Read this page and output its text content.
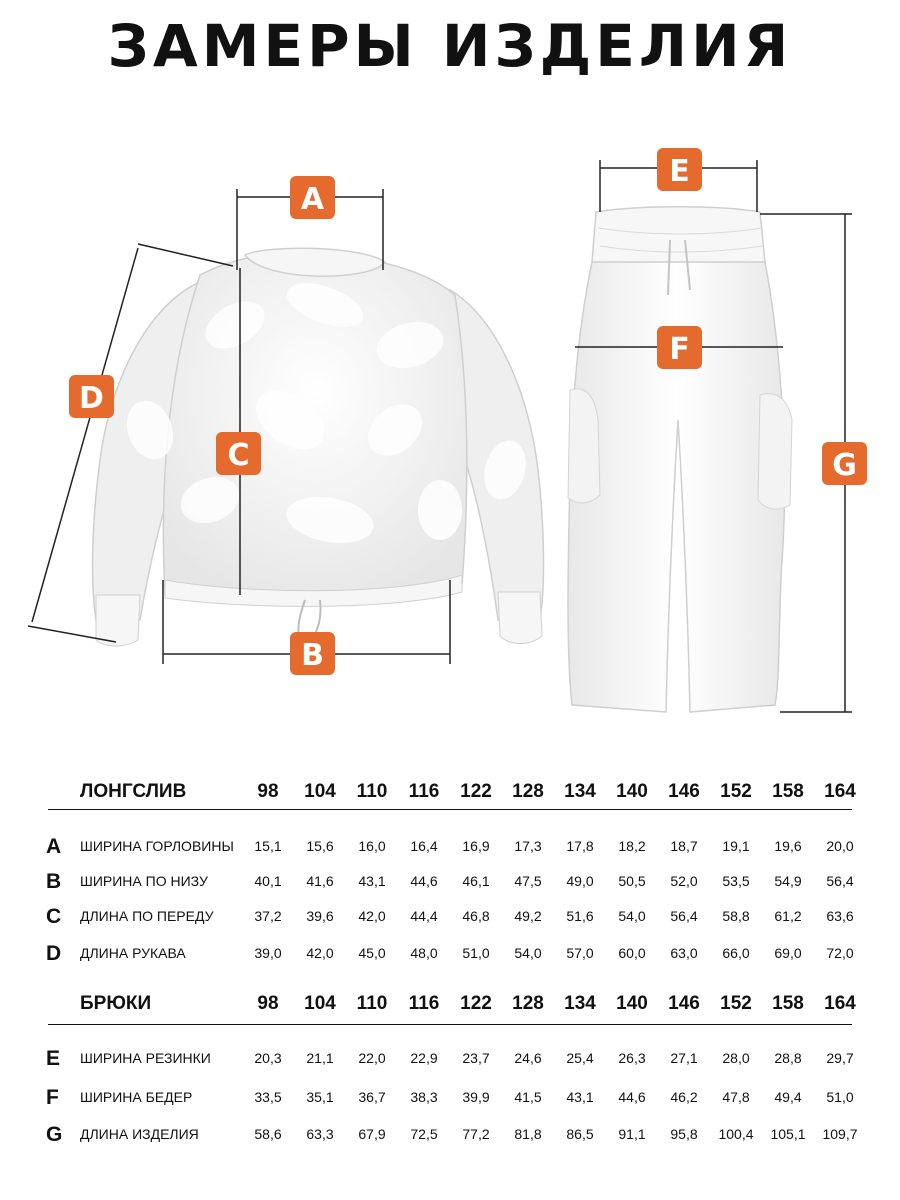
ЗАМЕРЫ ИЗДЕЛИЯ
A
B
C
D
E
F
G
ЛОНГСЛИВ	98	104	110	116	122	128	134	140	146	152	158	164
A	ШИРИНА ГОРЛОВИНЫ	15,1	15,6	16,0	16,4	16,9	17,3	17,8	18,2	18,7	19,1	19,6	20,0
B	ШИРИНА ПО НИЗУ	40,1	41,6	43,1	44,6	46,1	47,5	49,0	50,5	52,0	53,5	54,9	56,4
C	ДЛИНА ПО ПЕРЕДУ	37,2	39,6	42,0	44,4	46,8	49,2	51,6	54,0	56,4	58,8	61,2	63,6
D	ДЛИНА РУКАВА	39,0	42,0	45,0	48,0	51,0	54,0	57,0	60,0	63,0	66,0	69,0	72,0
БРЮКИ	98	104	110	116	122	128	134	140	146	152	158	164
E	ШИРИНА РЕЗИНКИ	20,3	21,1	22,0	22,9	23,7	24,6	25,4	26,3	27,1	28,0	28,8	29,7
F	ШИРИНА БЕДЕР	33,5	35,1	36,7	38,3	39,9	41,5	43,1	44,6	46,2	47,8	49,4	51,0
G	ДЛИНА ИЗДЕЛИЯ	58,6	63,3	67,9	72,5	77,2	81,8	86,5	91,1	95,8	100,4	105,1	109,7
